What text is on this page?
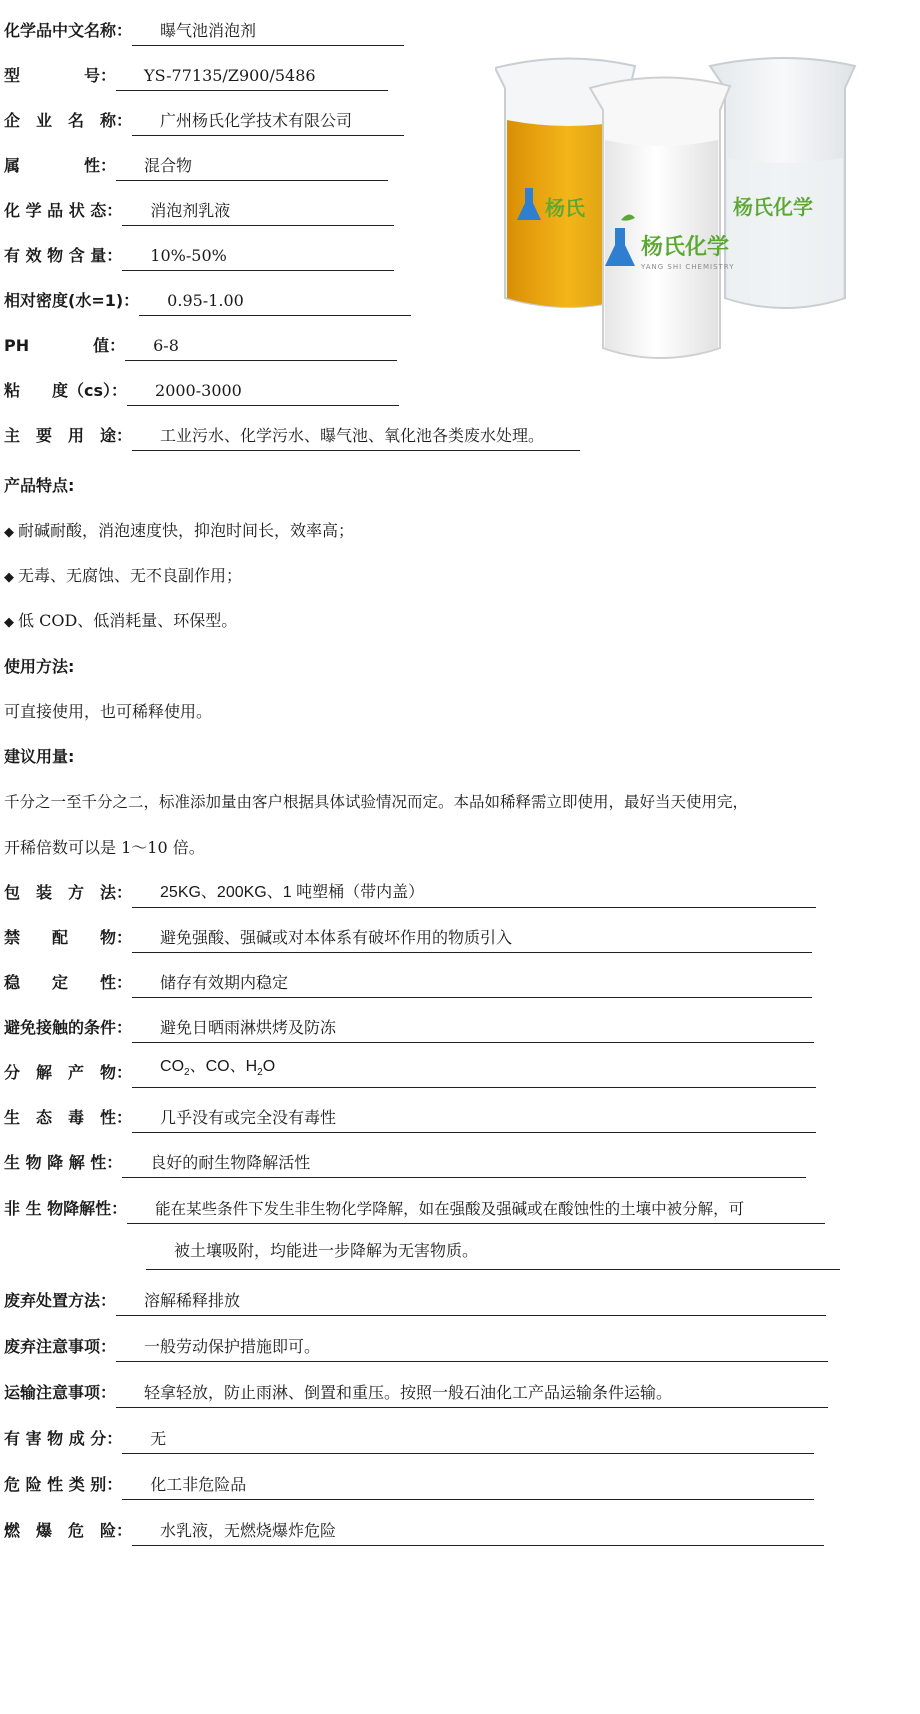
化学品中文名称：	曝气池消泡剂
型　　　　号：	YS-77135/Z900/5486
企　业　名　称：	广州杨氏化学技术有限公司
属　　　　性：	混合物
化 学 品 状 态：	消泡剂乳液
有 效 物 含 量：	10%-50%
相对密度(水=1)：	0.95-1.00
PH　　　　值：	6-8
粘　　度（cs）：	2000-3000
主　要　用　途：	工业污水、化学污水、曝气池、氧化池各类废水处理。
杨氏
杨氏化学
YANG SHI CHEMISTRY
杨氏化学
产品特点:
◆ 耐碱耐酸，消泡速度快，抑泡时间长，效率高；
◆ 无毒、无腐蚀、无不良副作用；
◆ 低 COD、低消耗量、环保型。
使用方法:
可直接使用，也可稀释使用。
建议用量:
千分之一至千分之二，标准添加量由客户根据具体试验情况而定。本品如稀释需立即使用，最好当天使用完，
开稀倍数可以是 1～10 倍。
包　装　方　法：	25KG、200KG、1 吨塑桶（带内盖）
禁　　配　　物：	避免强酸、强碱或对本体系有破坏作用的物质引入
稳　　定　　性：	储存有效期内稳定
避免接触的条件：	避免日晒雨淋烘烤及防冻
分　解　产　物：	$CO_2$、CO、$H_2O$
生　态　毒　性：	几乎没有或完全没有毒性
生 物 降 解 性：	良好的耐生物降解活性
非 生 物降解性：	能在某些条件下发生非生物化学降解，如在强酸及强碱或在酸蚀性的土壤中被分解，可
被土壤吸附，均能进一步降解为无害物质。
废弃处置方法：	溶解稀释排放
废弃注意事项：	一般劳动保护措施即可。
运输注意事项：	轻拿轻放，防止雨淋、倒置和重压。按照一般石油化工产品运输条件运输。
有 害 物 成 分：	无
危 险 性 类 别：	化工非危险品
燃　爆　危　险：	水乳液，无燃烧爆炸危险
